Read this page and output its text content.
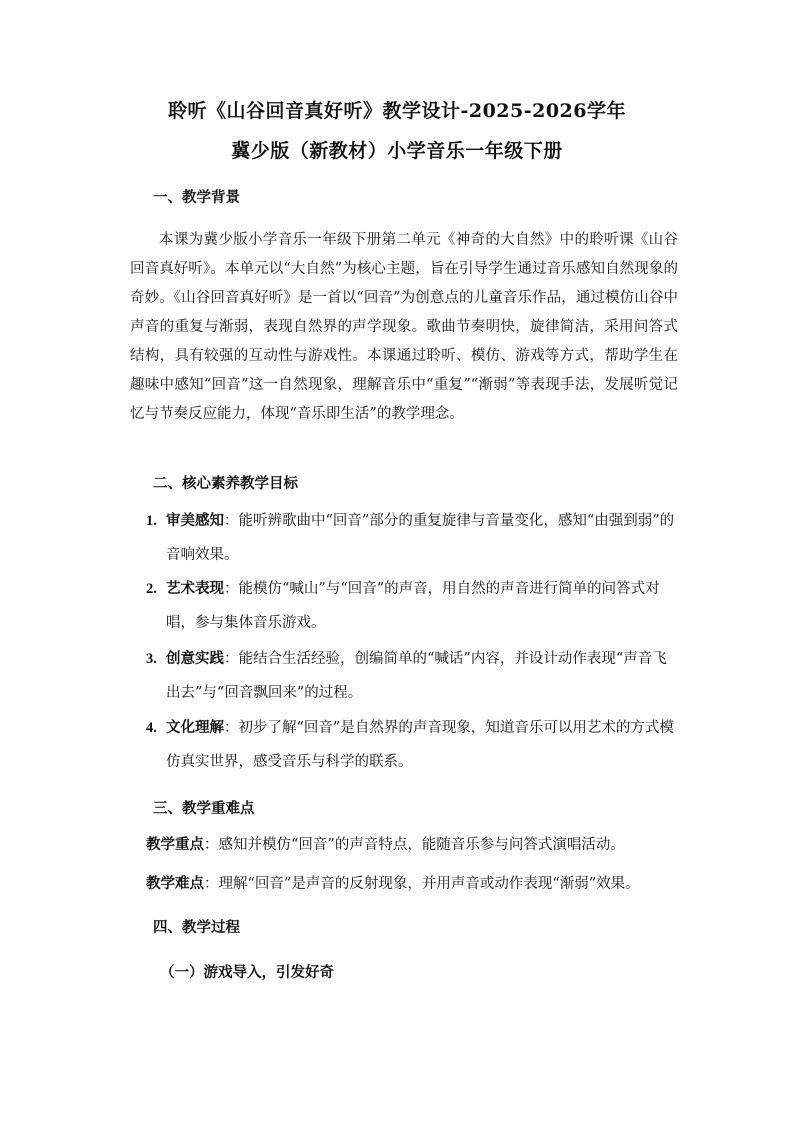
聆听《山谷回音真好听》教学设计-2025-2026学年
冀少版（新教材）小学音乐一年级下册
一、教学背景
本课为冀少版小学音乐一年级下册第二单元《神奇的大自然》中的聆听课《山谷回音真好听》。本单元以“大自然”为核心主题，旨在引导学生通过音乐感知自然现象的奇妙。《山谷回音真好听》是一首以“回音”为创意点的儿童音乐作品，通过模仿山谷中声音的重复与渐弱，表现自然界的声学现象。歌曲节奏明快，旋律简洁，采用问答式结构，具有较强的互动性与游戏性。本课通过聆听、模仿、游戏等方式，帮助学生在趣味中感知“回音”这一自然现象，理解音乐中“重复”“渐弱”等表现手法，发展听觉记忆与节奏反应能力，体现“音乐即生活”的教学理念。
二、核心素养教学目标
1. 审美感知：能听辨歌曲中“回音”部分的重复旋律与音量变化，感知“由强到弱”的音响效果。
2. 艺术表现：能模仿“喊山”与“回音”的声音，用自然的声音进行简单的问答式对唱，参与集体音乐游戏。
3. 创意实践：能结合生活经验，创编简单的“喊话”内容，并设计动作表现“声音飞出去”与“回音飘回来”的过程。
4. 文化理解：初步了解“回音”是自然界的声音现象，知道音乐可以用艺术的方式模仿真实世界，感受音乐与科学的联系。
三、教学重难点
教学重点：感知并模仿“回音”的声音特点，能随音乐参与问答式演唱活动。
教学难点：理解“回音”是声音的反射现象，并用声音或动作表现“渐弱”效果。
四、教学过程
（一）游戏导入，引发好奇
